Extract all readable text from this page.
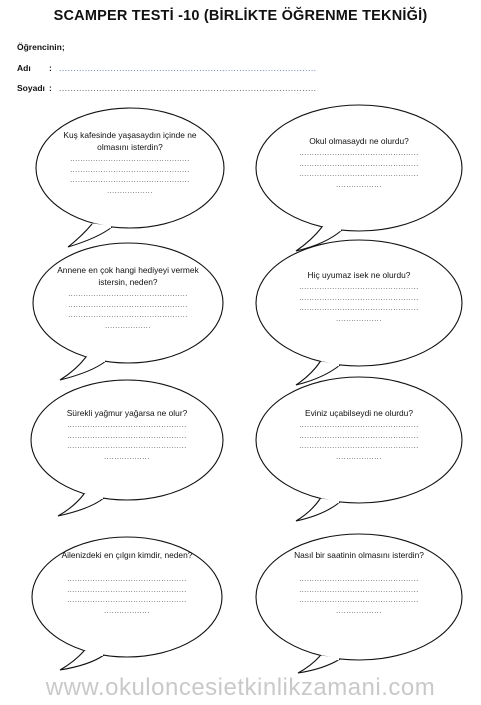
SCAMPER TESTİ -10 (BİRLİKTE ÖĞRENME TEKNİĞİ)
Öğrencinin;
Adı	: ..........................................................................................
Soyadı : ..........................................................................................
Kuş kafesinde yaşasaydın içinde ne olmasını isterdin?
Okul olmasaydı ne olurdu?
Annene en çok hangi hediyeyi vermek istersin, neden?
Hiç uyumaz isek ne olurdu?
Sürekli yağmur yağarsa ne olur?	Eviniz uçabilseydi ne olurdu?
Ailenizdeki en çılgın kimdir, neden?	Nasıl bir saatinin olmasını isterdin?
...............................................
...............................................
...............................................
..................
...............................................
...............................................
...............................................
..................
...............................................
...............................................
...............................................
..................
...............................................
...............................................
...............................................
..................
...............................................
...............................................
...............................................
..................
...............................................
...............................................
...............................................
..................
...............................................
...............................................
...............................................
..................
...............................................
...............................................
...............................................
..................
www.okuloncesietkinlikzamani.com
